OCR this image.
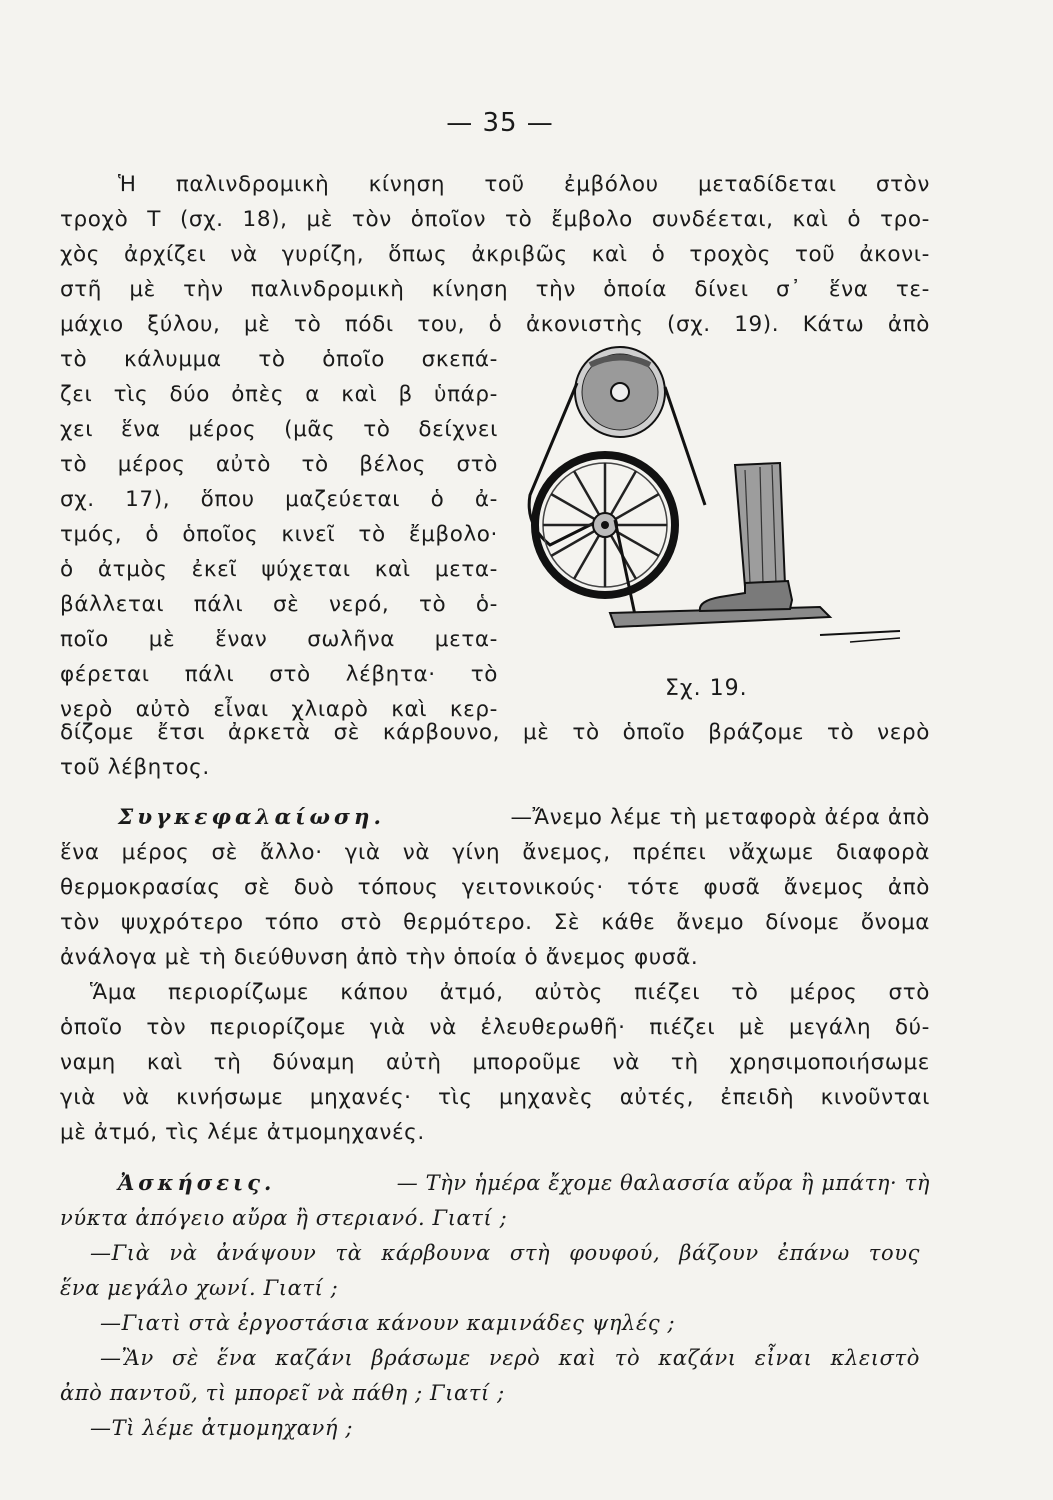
— 35 —
Ἡ παλινδρομικὴ κίνηση τοῦ ἐμβόλου μεταδίδεται στὸν
τροχὸ Τ (σχ. 18), μὲ τὸν ὁποῖον τὸ ἔμβολο συνδέεται, καὶ ὁ τρο-
χὸς ἀρχίζει νὰ γυρίζη, ὅπως ἀκριβῶς καὶ ὁ τροχὸς τοῦ ἀκονι-
στῆ μὲ τὴν παλινδρομικὴ κίνηση τὴν ὁποία δίνει σ᾽ ἕνα τε-
μάχιο ξύλου, μὲ τὸ πόδι του, ὁ ἀκονιστὴς (σχ. 19). Κάτω ἀπὸ
τὸ κάλυμμα τὸ ὁποῖο σκεπά-
ζει τὶς δύο ὀπὲς α καὶ β ὑπάρ-
χει ἕνα μέρος (μᾶς τὸ δείχνει
τὸ μέρος αὐτὸ τὸ βέλος στὸ
σχ. 17), ὅπου μαζεύεται ὁ ἀ-
τμός, ὁ ὁποῖος κινεῖ τὸ ἔμβολο·
ὁ ἀτμὸς ἐκεῖ ψύχεται καὶ μετα-
βάλλεται πάλι σὲ νερό, τὸ ὁ-
ποῖο μὲ ἕναν σωλῆνα μετα-
φέρεται πάλι στὸ λέβητα· τὸ
νερὸ αὐτὸ εἶναι χλιαρὸ καὶ κερ-
Σχ. 19.
δίζομε ἔτσι ἀρκετὰ σὲ κάρβουνο, μὲ τὸ ὁποῖο βράζομε τὸ νερὸ
τοῦ λέβητος.
Συγκεφαλαίωση.	—Ἄνεμο λέμε τὴ μεταφορὰ ἀέρα ἀπὸ
ἕνα μέρος σὲ ἄλλο· γιὰ νὰ γίνη ἄνεμος, πρέπει νἄχωμε διαφορὰ
θερμοκρασίας σὲ δυὸ τόπους γειτονικούς· τότε φυσᾶ ἄνεμος ἀπὸ
τὸν ψυχρότερο τόπο στὸ θερμότερο. Σὲ κάθε ἄνεμο δίνομε ὄνομα
ἀνάλογα μὲ τὴ διεύθυνση ἀπὸ τὴν ὁποία ὁ ἄνεμος φυσᾶ.
Ἅμα περιορίζωμε κάπου ἀτμό, αὐτὸς πιέζει τὸ μέρος στὸ
ὁποῖο τὸν περιορίζομε γιὰ νὰ ἐλευθερωθῆ· πιέζει μὲ μεγάλη δύ-
ναμη καὶ τὴ δύναμη αὐτὴ μποροῦμε νὰ τὴ χρησιμοποιήσωμε
γιὰ νὰ κινήσωμε μηχανές· τὶς μηχανὲς αὐτές, ἐπειδὴ κινοῦνται
μὲ ἀτμό, τὶς λέμε ἀτμομηχανές.
Ἀσκήσεις.	— Τὴν ἡμέρα ἔχομε θαλασσία αὔρα ἢ μπάτη· τὴ
νύκτα ἀπόγειο αὔρα ἢ στεριανό. Γιατί ;
—Γιὰ νὰ ἀνάψουν τὰ κάρβουνα στὴ φουφού, βάζουν ἐπάνω τους
ἕνα μεγάλο χωνί. Γιατί ;
—Γιατὶ στὰ ἐργοστάσια κάνουν καμινάδες ψηλές ;
—Ἂν σὲ ἕνα καζάνι βράσωμε νερὸ καὶ τὸ καζάνι εἶναι κλειστὸ
ἀπὸ παντοῦ, τὶ μπορεῖ νὰ πάθη ; Γιατί ;
—Τὶ λέμε ἀτμομηχανή ;
